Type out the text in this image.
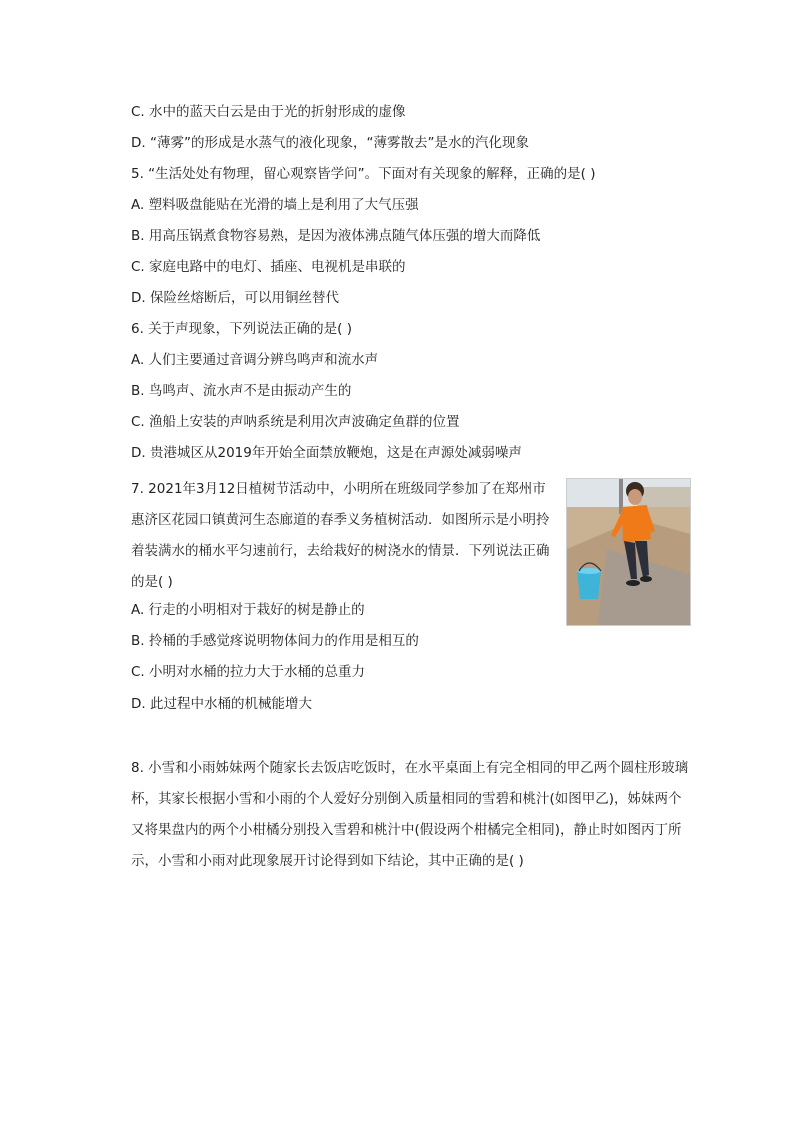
C. 水中的蓝天白云是由于光的折射形成的虚像
D. “薄雾”的形成是水蒸气的液化现象，“薄雾散去”是水的汽化现象
5. “生活处处有物理，留心观察皆学问”。下面对有关现象的解释，正确的是( )
A. 塑料吸盘能贴在光滑的墙上是利用了大气压强
B. 用高压锅煮食物容易熟，是因为液体沸点随气体压强的增大而降低
C. 家庭电路中的电灯、插座、电视机是串联的
D. 保险丝熔断后，可以用铜丝替代
6. 关于声现象，下列说法正确的是( )
A. 人们主要通过音调分辨鸟鸣声和流水声
B. 鸟鸣声、流水声不是由振动产生的
C. 渔船上安装的声呐系统是利用次声波确定鱼群的位置
D. 贵港城区从2019年开始全面禁放鞭炮，这是在声源处减弱噪声
7. 2021年3月12日植树节活动中，小明所在班级同学参加了在郑州市惠济区花园口镇黄河生态廊道的春季义务植树活动．如图所示是小明拎着装满水的桶水平匀速前行，去给栽好的树浇水的情景．下列说法正确的是( )
A. 行走的小明相对于栽好的树是静止的
B. 拎桶的手感觉疼说明物体间力的作用是相互的
C. 小明对水桶的拉力大于水桶的总重力
D. 此过程中水桶的机械能增大
8. 小雪和小雨姊妹两个随家长去饭店吃饭时，在水平桌面上有完全相同的甲乙两个圆柱形玻璃杯，其家长根据小雪和小雨的个人爱好分别倒入质量相同的雪碧和桃汁(如图甲乙)，姊妹两个又将果盘内的两个小柑橘分别投入雪碧和桃汁中(假设两个柑橘完全相同)，静止时如图丙丁所示，小雪和小雨对此现象展开讨论得到如下结论，其中正确的是( )
